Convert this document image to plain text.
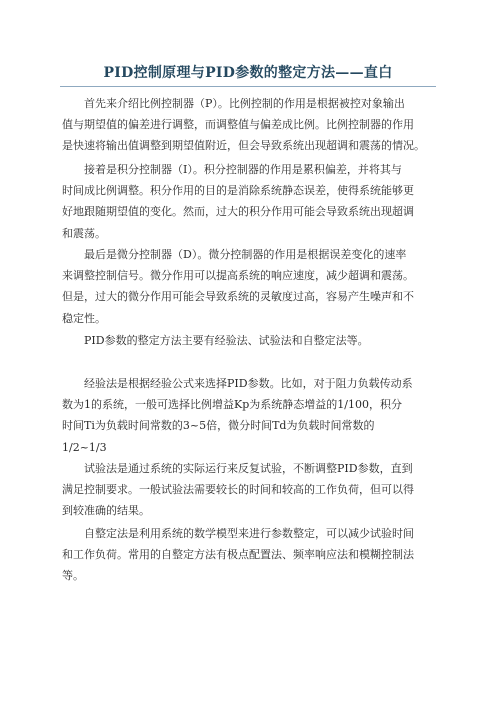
PID控制原理与PID参数的整定方法——直白

首先来介绍比例控制器（P）。比例控制的作用是根据被控对象输出
值与期望值的偏差进行调整，而调整值与偏差成比例。比例控制器的作用
是快速将输出值调整到期望值附近，但会导致系统出现超调和震荡的情况。

接着是积分控制器（I）。积分控制器的作用是累积偏差，并将其与
时间成比例调整。积分作用的目的是消除系统静态误差，使得系统能够更
好地跟随期望值的变化。然而，过大的积分作用可能会导致系统出现超调
和震荡。

最后是微分控制器（D）。微分控制器的作用是根据误差变化的速率
来调整控制信号。微分作用可以提高系统的响应速度，减少超调和震荡。
但是，过大的微分作用可能会导致系统的灵敏度过高，容易产生噪声和不
稳定性。

PID参数的整定方法主要有经验法、试验法和自整定法等。

经验法是根据经验公式来选择PID参数。比如，对于阻力负载传动系
数为1的系统，一般可选择比例增益Kp为系统静态增益的1/100，积分
时间Ti为负载时间常数的3~5倍，微分时间Td为负载时间常数的
1/2~1/3

试验法是通过系统的实际运行来反复试验，不断调整PID参数，直到
满足控制要求。一般试验法需要较长的时间和较高的工作负荷，但可以得
到较准确的结果。

自整定法是利用系统的数学模型来进行参数整定，可以减少试验时间
和工作负荷。常用的自整定方法有极点配置法、频率响应法和模糊控制法
等。
